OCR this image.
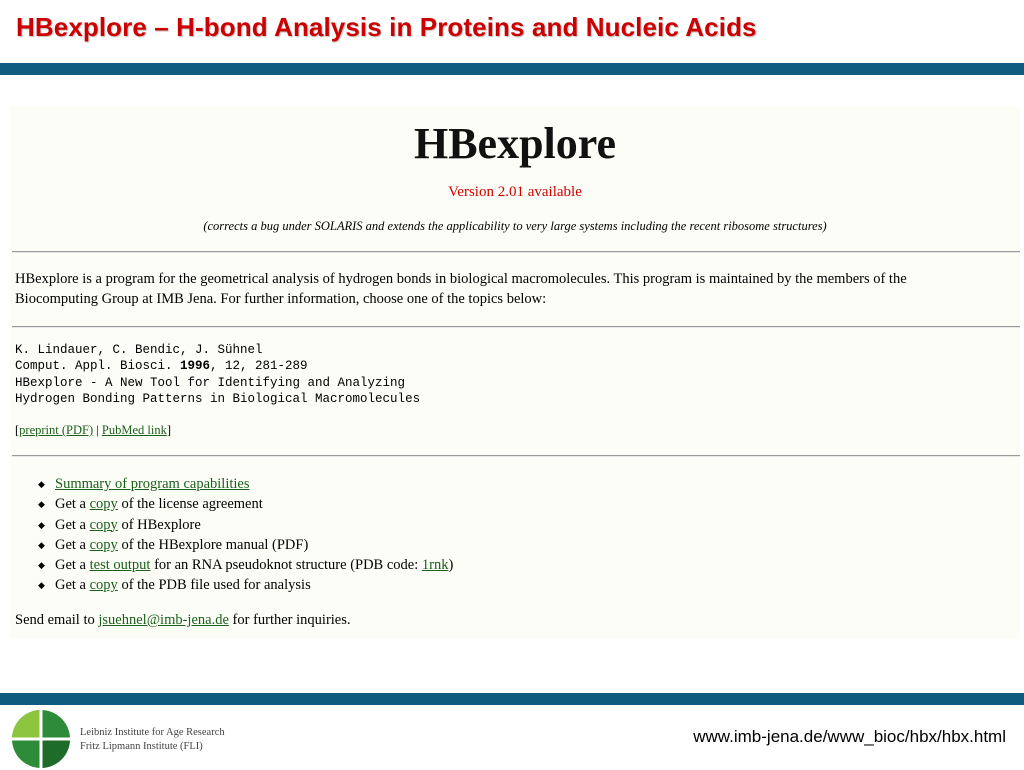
HBexplore – H-bond Analysis in Proteins and Nucleic Acids
HBexplore
Version 2.01 available
(corrects a bug under SOLARIS and extends the applicability to very large systems including the recent ribosome structures)

HBexplore is a program for the geometrical analysis of hydrogen bonds in biological macromolecules. This program is maintained by the members of the Biocomputing Group at IMB Jena. For further information, choose one of the topics below:

K. Lindauer, C. Bendic, J. Sühnel
Comput. Appl. Biosci. 1996, 12, 281-289
HBexplore - A New Tool for Identifying and Analyzing
Hydrogen Bonding Patterns in Biological Macromolecules
[preprint (PDF) | PubMed link]
◆ Summary of program capabilities
◆ Get a copy of the license agreement
◆ Get a copy of HBexplore
◆ Get a copy of the HBexplore manual (PDF)
◆ Get a test output for an RNA pseudoknot structure (PDB code: 1rnk)
◆ Get a copy of the PDB file used for analysis
Send email to jsuehnel@imb-jena.de for further inquiries.
Leibniz Institute for Age Research
Fritz Lipmann Institute (FLI)
www.imb-jena.de/www_bioc/hbx/hbx.html
